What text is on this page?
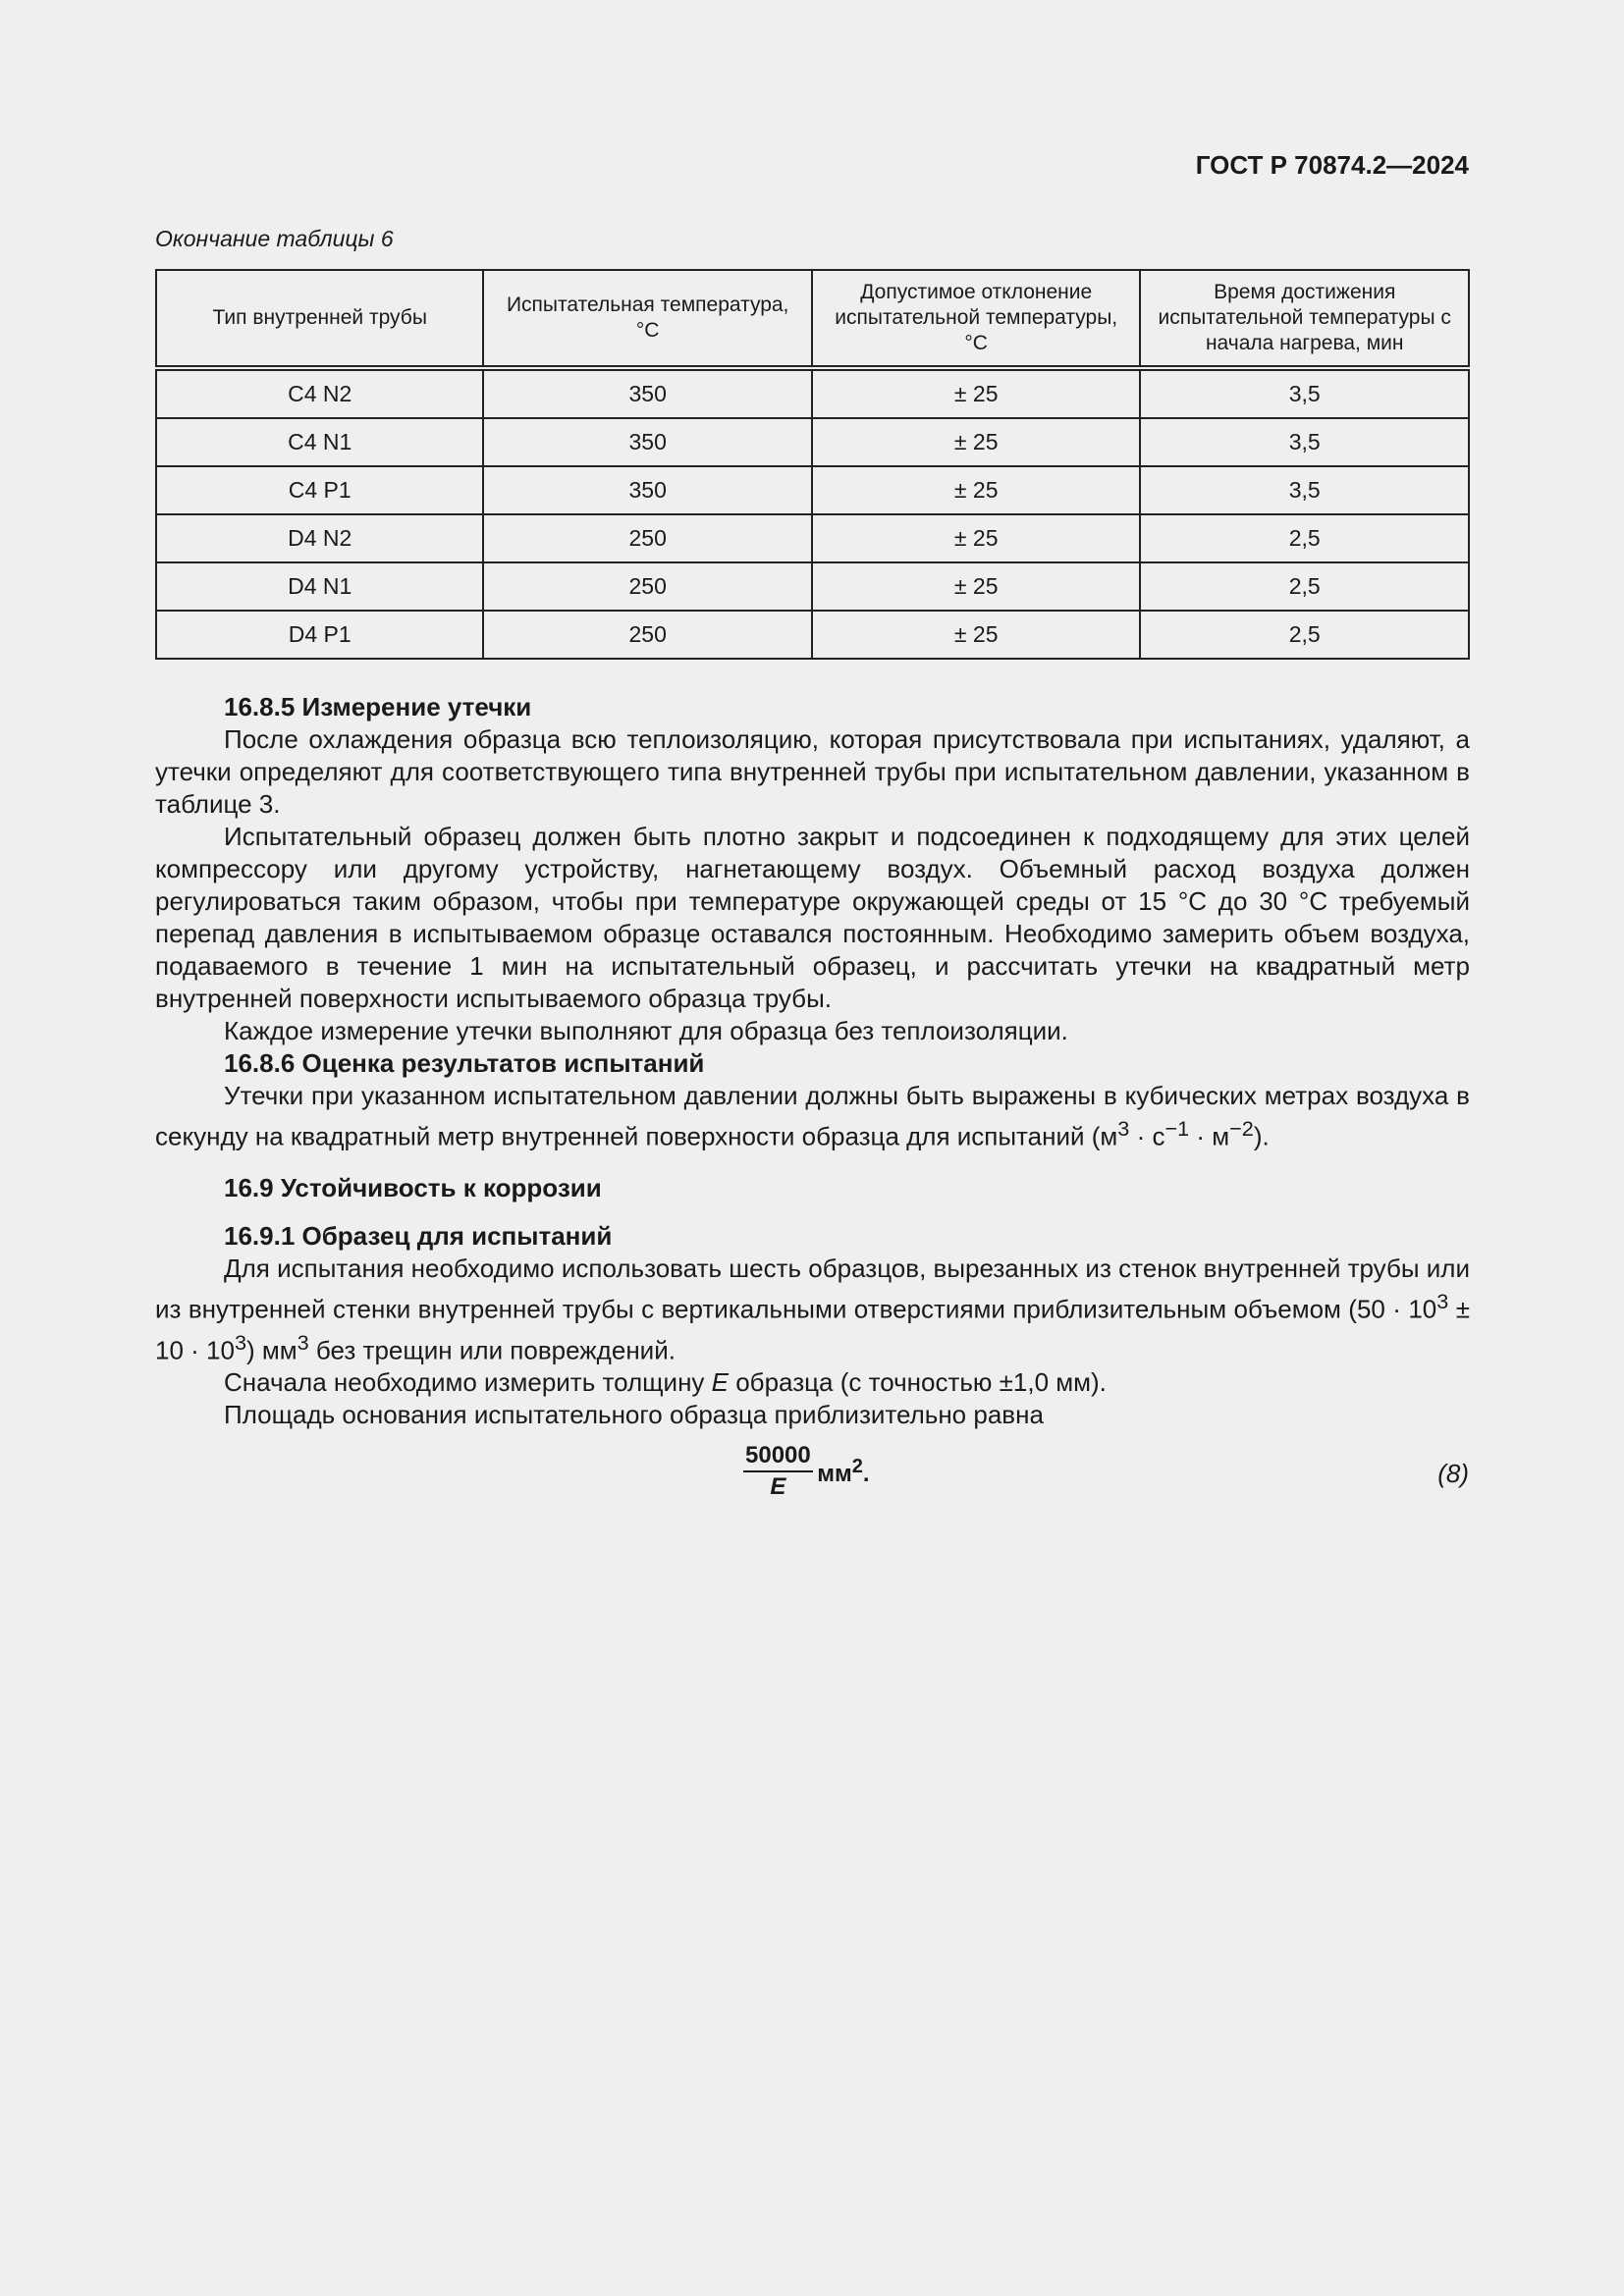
ГОСТ Р 70874.2—2024
Окончание таблицы 6
Тип внутренней трубы	Испытательная температура, °С	Допустимое отклонение испытательной температуры, °С	Время достижения испытательной температуры с начала нагрева, мин
C4 N2	350	± 25	3,5
C4 N1	350	± 25	3,5
C4 P1	350	± 25	3,5
D4 N2	250	± 25	2,5
D4 N1	250	± 25	2,5
D4 P1	250	± 25	2,5
16.8.5 Измерение утечки
После охлаждения образца всю теплоизоляцию, которая присутствовала при испытаниях, удаляют, а утечки определяют для соответствующего типа внутренней трубы при испытательном давлении, указанном в таблице 3.
Испытательный образец должен быть плотно закрыт и подсоединен к подходящему для этих целей компрессору или другому устройству, нагнетающему воздух. Объемный расход воздуха должен регулироваться таким образом, чтобы при температуре окружающей среды от 15 °С до 30 °С требуемый перепад давления в испытываемом образце оставался постоянным. Необходимо замерить объем воздуха, подаваемого в течение 1 мин на испытательный образец, и рассчитать утечки на квадратный метр внутренней поверхности испытываемого образца трубы.
Каждое измерение утечки выполняют для образца без теплоизоляции.
16.8.6 Оценка результатов испытаний
Утечки при указанном испытательном давлении должны быть выражены в кубических метрах воздуха в секунду на квадратный метр внутренней поверхности образца для испытаний $(м^3 \cdot с^{-1} \cdot м^{-2})$.
16.9 Устойчивость к коррозии
16.9.1 Образец для испытаний
Для испытания необходимо использовать шесть образцов, вырезанных из стенок внутренней трубы или из внутренней стенки внутренней трубы с вертикальными отверстиями приблизительным объемом $(50 \cdot 10^3 \pm 10 \cdot 10^3)$ $мм^3$ без трещин или повреждений.
Сначала необходимо измерить толщину E образца (с точностью ±1,0 мм).
Площадь основания испытательного образца приблизительно равна
$\frac{50000}{E} мм^2$.	(8)
